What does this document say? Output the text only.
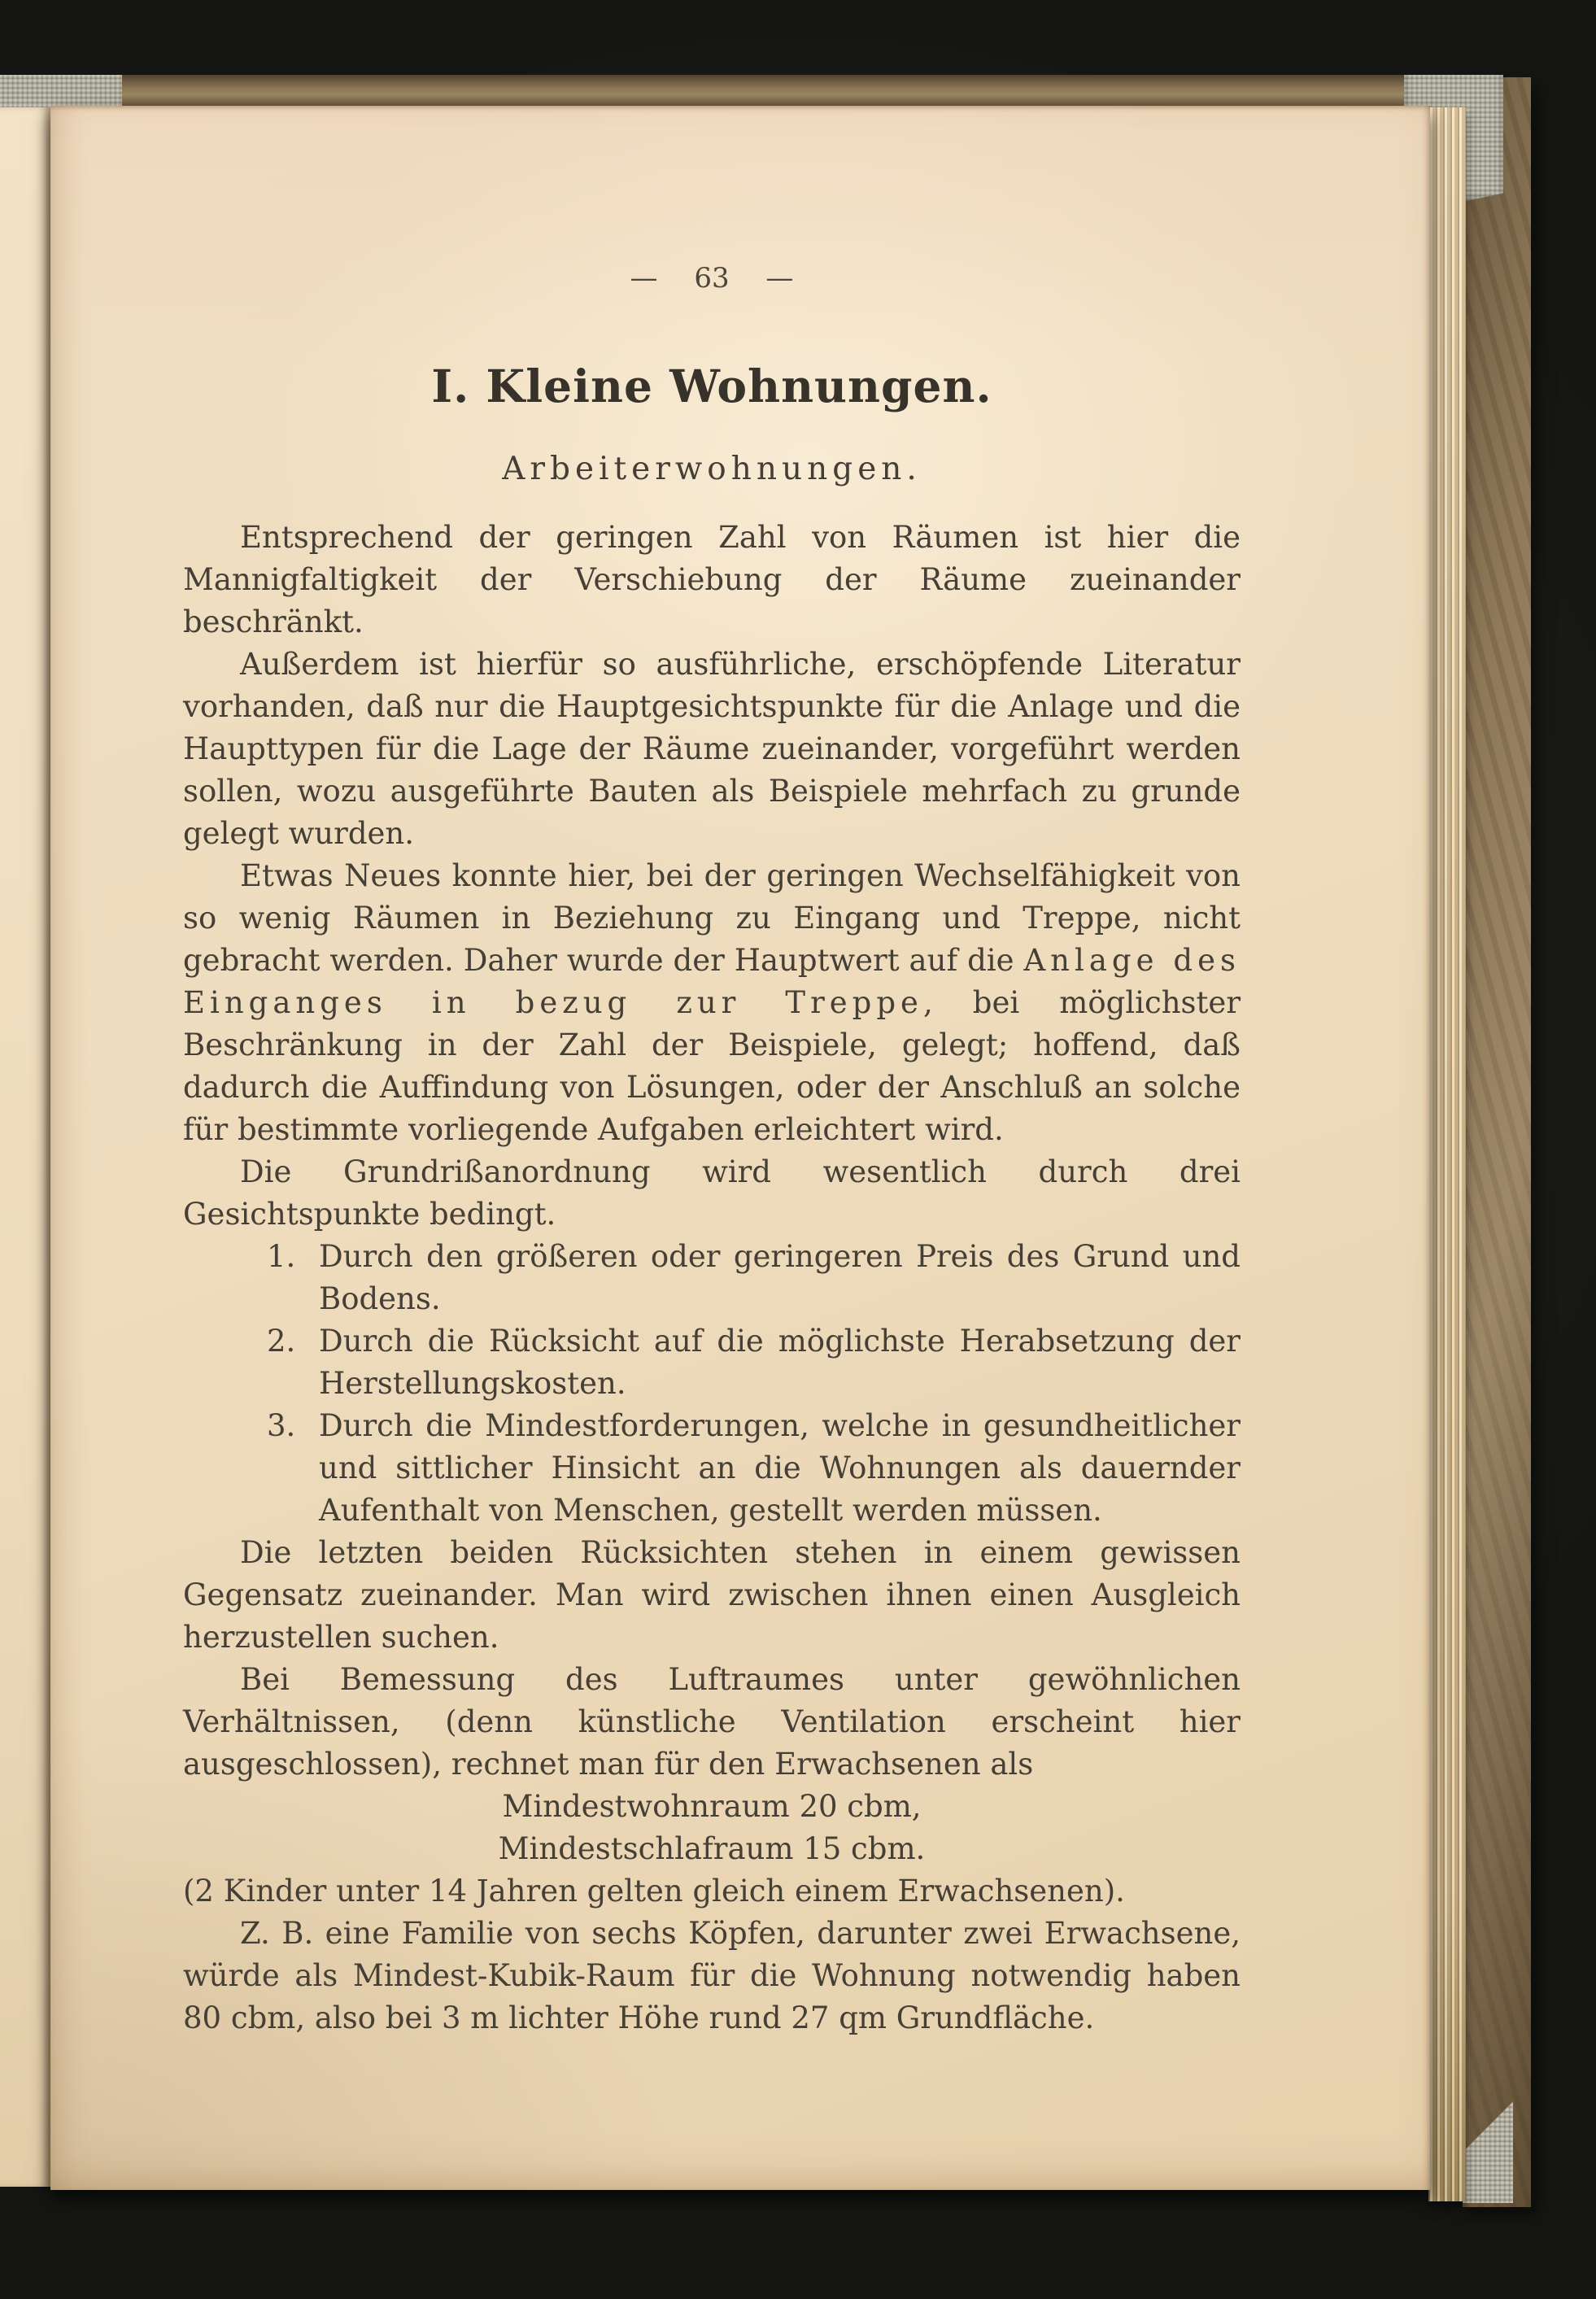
— 63 —
I. Kleine Wohnungen.
Arbeiterwohnungen.

Entsprechend der geringen Zahl von Räumen ist hier die Mannigfaltigkeit der Verschiebung der Räume zueinander beschränkt.

Außerdem ist hierfür so ausführliche, erschöpfende Literatur vorhanden, daß nur die Hauptgesichtspunkte für die Anlage und die Haupttypen für die Lage der Räume zueinander, vorgeführt werden sollen, wozu ausgeführte Bauten als Beispiele mehrfach zu grunde gelegt wurden.

Etwas Neues konnte hier, bei der geringen Wechselfähigkeit von so wenig Räumen in Beziehung zu Eingang und Treppe, nicht gebracht werden. Daher wurde der Hauptwert auf die Anlage des Einganges in bezug zur Treppe, bei möglichster Beschränkung in der Zahl der Beispiele, gelegt; hoffend, daß dadurch die Auffindung von Lösungen, oder der Anschluß an solche für bestimmte vorliegende Aufgaben erleichtert wird.

Die Grundrißanordnung wird wesentlich durch drei Gesichtspunkte bedingt.

1. Durch den größeren oder geringeren Preis des Grund und Bodens.
2. Durch die Rücksicht auf die möglichste Herabsetzung der Herstellungskosten.
3. Durch die Mindestforderungen, welche in gesundheitlicher und sittlicher Hinsicht an die Wohnungen als dauernder Aufenthalt von Menschen, gestellt werden müssen.

Die letzten beiden Rücksichten stehen in einem gewissen Gegensatz zueinander. Man wird zwischen ihnen einen Ausgleich herzustellen suchen.

Bei Bemessung des Luftraumes unter gewöhnlichen Verhältnissen, (denn künstliche Ventilation erscheint hier ausgeschlossen), rechnet man für den Erwachsenen als

Mindestwohnraum 20 cbm,
Mindestschlafraum 15 cbm.

(2 Kinder unter 14 Jahren gelten gleich einem Erwachsenen).

Z. B. eine Familie von sechs Köpfen, darunter zwei Erwachsene, würde als Mindest-Kubik-Raum für die Wohnung notwendig haben 80 cbm, also bei 3 m lichter Höhe rund 27 qm Grundfläche.
